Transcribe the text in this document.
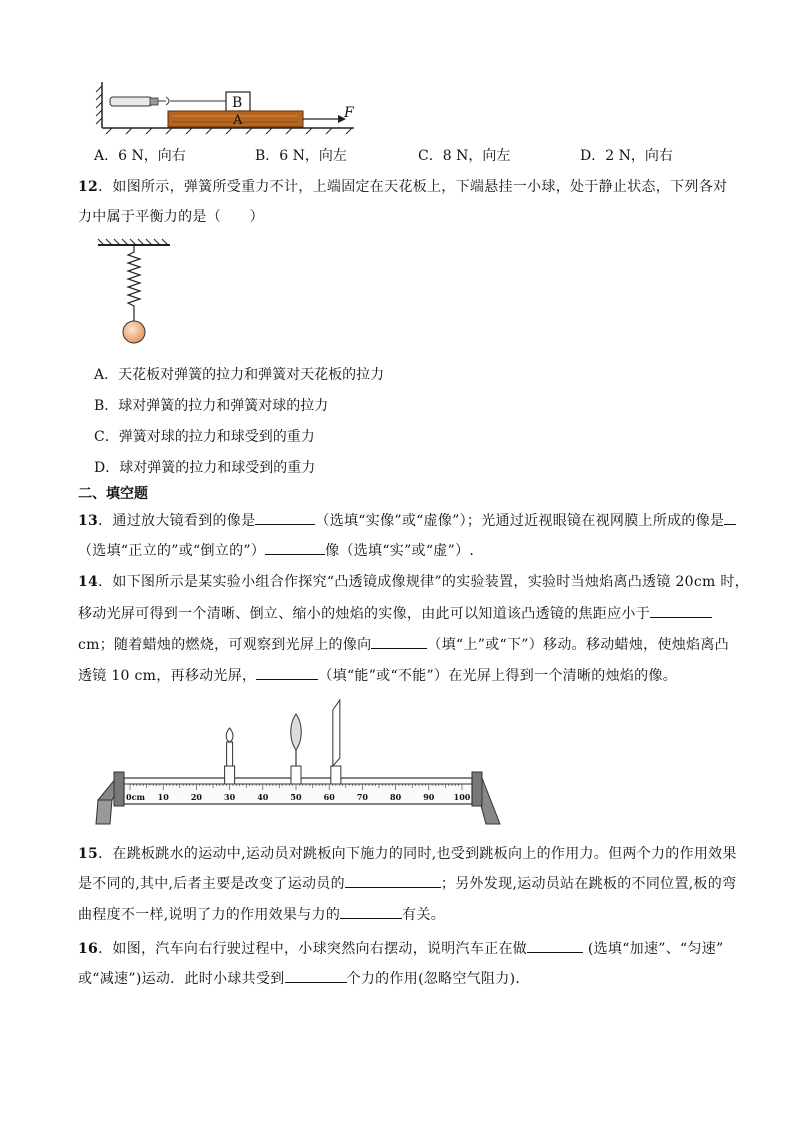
B
A	F
A．6 N，向右	B．6 N，向左	C．8 N，向左	D．2 N，向右
12．如图所示，弹簧所受重力不计，上端固定在天花板上，下端悬挂一小球，处于静止状态，下列各对
力中属于平衡力的是（　　）
A．天花板对弹簧的拉力和弹簧对天花板的拉力
B．球对弹簧的拉力和弹簧对球的拉力
C．弹簧对球的拉力和球受到的重力
D．球对弹簧的拉力和球受到的重力
二、填空题
13．通过放大镜看到的像是	（选填“实像”或“虚像”）；光通过近视眼镜在视网膜上所成的像是
（选填“正立的”或“倒立的”）	像（选填“实”或“虚”）.
14．如下图所示是某实验小组合作探究“凸透镜成像规律”的实验装置，实验时当烛焰离凸透镜 20cm 时，
移动光屏可得到一个清晰、倒立、缩小的烛焰的实像，由此可以知道该凸透镜的焦距应小于
cm；随着蜡烛的燃烧，可观察到光屏上的像向	（填“上”或“下”）移动。移动蜡烛，使烛焰离凸
透镜 10 cm，再移动光屏，	（填“能”或“不能”）在光屏上得到一个清晰的烛焰的像。
0cm 10	20	30	40	50	60	70	80	90 100
15．在跳板跳水的运动中,运动员对跳板向下施力的同时,也受到跳板向上的作用力。但两个力的作用效果
是不同的,其中,后者主要是改变了运动员的	；另外发现,运动员站在跳板的不同位置,板的弯
曲程度不一样,说明了力的作用效果与力的	有关。
16．如图，汽车向右行驶过程中，小球突然向右摆动，说明汽车正在做	(选填“加速”、“匀速”
或“减速”)运动．此时小球共受到	个力的作用(忽略空气阻力)．
